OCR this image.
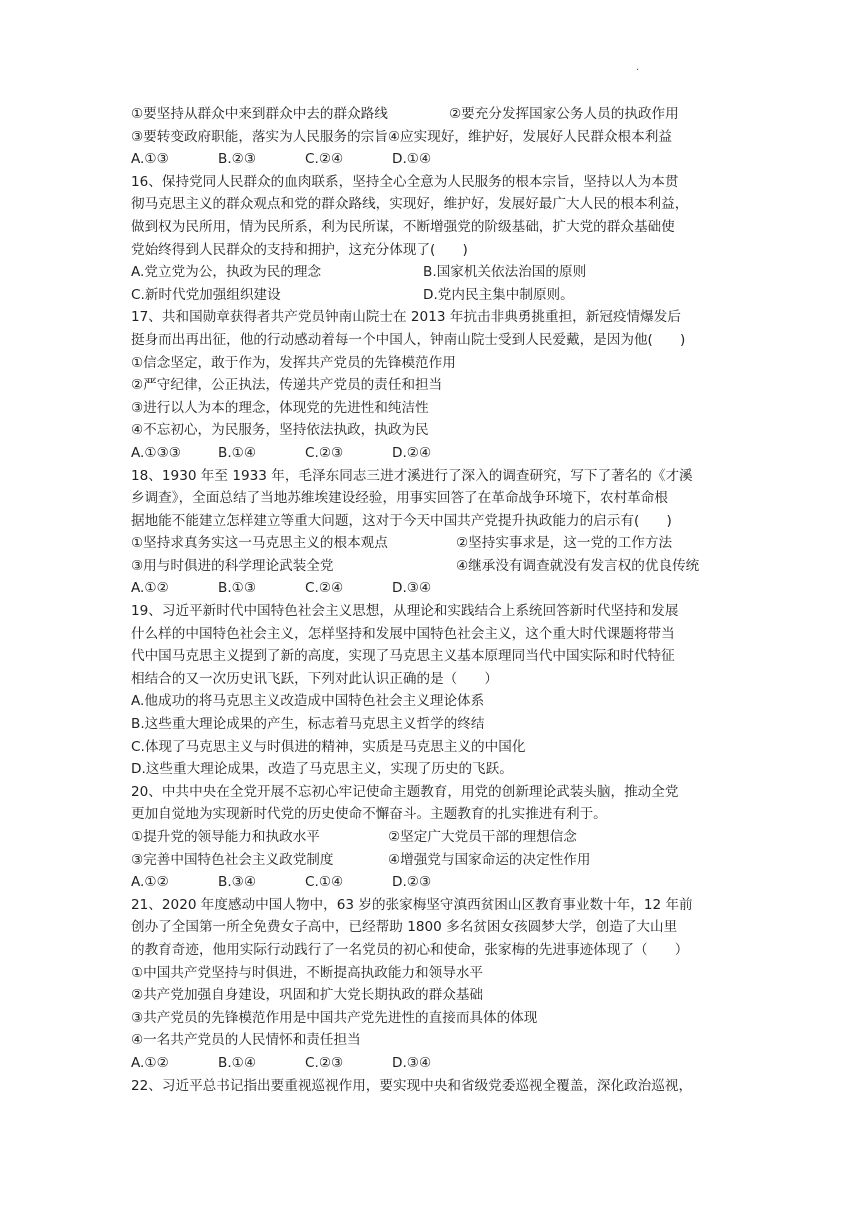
.
①要坚持从群众中来到群众中去的群众路线	②要充分发挥国家公务人员的执政作用
③要转变政府职能，落实为人民服务的宗旨④应实现好，维护好，发展好人民群众根本利益
A.①③	B.②③	C.②④	D.①④
16、保持党同人民群众的血肉联系，坚持全心全意为人民服务的根本宗旨，坚持以人为本贯
彻马克思主义的群众观点和党的群众路线，实现好，维护好，发展好最广大人民的根本利益，
做到权为民所用，情为民所系，利为民所谋，不断增强党的阶级基础，扩大党的群众基础使
党始终得到人民群众的支持和拥护，这充分体现了(　　)
A.党立党为公，执政为民的理念	B.国家机关依法治国的原则
C.新时代党加强组织建设	D.党内民主集中制原则。
17、共和国勋章获得者共产党员钟南山院士在 2013 年抗击非典勇挑重担，新冠疫情爆发后
挺身而出再出征，他的行动感动着每一个中国人，钟南山院士受到人民爱戴，是因为他(　　)
①信念坚定，敢于作为，发挥共产党员的先锋模范作用
②严守纪律，公正执法，传递共产党员的责任和担当
③进行以人为本的理念，体现党的先进性和纯洁性
④不忘初心，为民服务，坚持依法执政，执政为民
A.①③③	B.①④	C.②③	D.②④
18、1930 年至 1933 年，毛泽东同志三进才溪进行了深入的调查研究，写下了著名的《才溪
乡调查》，全面总结了当地苏维埃建设经验，用事实回答了在革命战争环境下，农村革命根
据地能不能建立怎样建立等重大问题，这对于今天中国共产党提升执政能力的启示有(　　)
①坚持求真务实这一马克思主义的根本观点	②坚持实事求是，这一党的工作方法
③用与时俱进的科学理论武装全党	④继承没有调查就没有发言权的优良传统
A.①②	B.①③	C.②④	D.③④
19、习近平新时代中国特色社会主义思想，从理论和实践结合上系统回答新时代坚持和发展
什么样的中国特色社会主义，怎样坚持和发展中国特色社会主义，这个重大时代课题将带当
代中国马克思主义提到了新的高度，实现了马克思主义基本原理同当代中国实际和时代特征
相结合的又一次历史讯飞跃，下列对此认识正确的是（　　）
A.他成功的将马克思主义改造成中国特色社会主义理论体系
B.这些重大理论成果的产生，标志着马克思主义哲学的终结
C.体现了马克思主义与时俱进的精神，实质是马克思主义的中国化
D.这些重大理论成果，改造了马克思主义，实现了历史的飞跃。
20、中共中央在全党开展不忘初心牢记使命主题教育，用党的创新理论武装头脑，推动全党
更加自觉地为实现新时代党的历史使命不懈奋斗。主题教育的扎实推进有利于。
①提升党的领导能力和执政水平	②坚定广大党员干部的理想信念
③完善中国特色社会主义政党制度	④增强党与国家命运的决定性作用
A.①②	B.③④	C.①④	D.②③
21、2020 年度感动中国人物中，63 岁的张家梅坚守滇西贫困山区教育事业数十年，12 年前
创办了全国第一所全免费女子高中，已经帮助 1800 多名贫困女孩圆梦大学，创造了大山里
的教育奇迹，他用实际行动践行了一名党员的初心和使命，张家梅的先进事迹体现了（　　）
①中国共产党坚持与时俱进，不断提高执政能力和领导水平
②共产党加强自身建设，巩固和扩大党长期执政的群众基础
③共产党员的先锋模范作用是中国共产党先进性的直接而具体的体现
④一名共产党员的人民情怀和责任担当
A.①②	B.①④	C.②③	D.③④
22、习近平总书记指出要重视巡视作用，要实现中央和省级党委巡视全覆盖，深化政治巡视，
